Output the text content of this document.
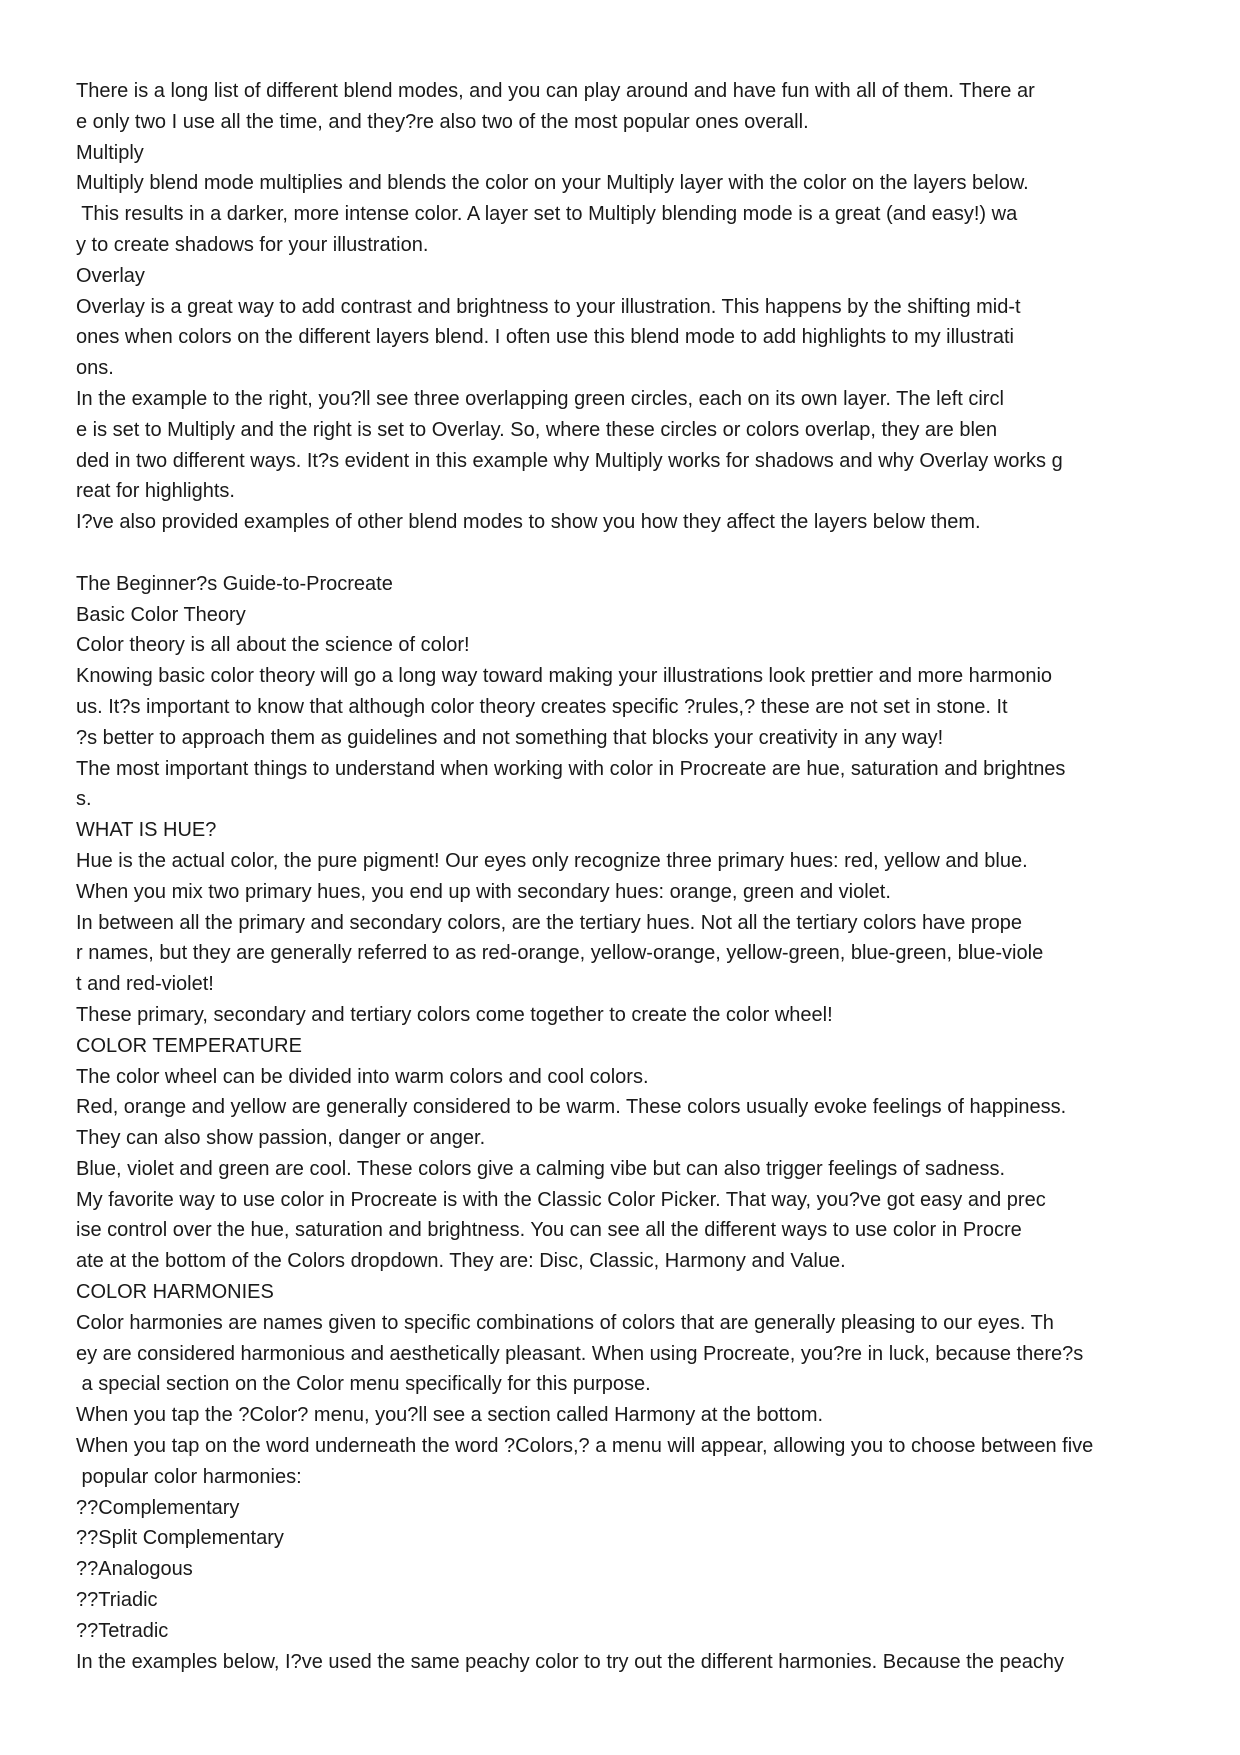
There is a long list of different blend modes, and you can play around and have fun with all of them. There ar
e only two I use all the time, and they?re also two of the most popular ones overall.
Multiply
Multiply blend mode multiplies and blends the color on your Multiply layer with the color on the layers below.
This results in a darker, more intense color. A layer set to Multiply blending mode is a great (and easy!) wa
y to create shadows for your illustration.
Overlay
Overlay is a great way to add contrast and brightness to your illustration. This happens by the shifting mid-t
ones when colors on the different layers blend. I often use this blend mode to add highlights to my illustrati
ons.
In the example to the right, you?ll see three overlapping green circles, each on its own layer. The left circl
e is set to Multiply and the right is set to Overlay. So, where these circles or colors overlap, they are blen
ded in two different ways. It?s evident in this example why Multiply works for shadows and why Overlay works g
reat for highlights.
I?ve also provided examples of other blend modes to show you how they affect the layers below them.
The Beginner?s Guide-to-Procreate
Basic Color Theory
Color theory is all about the science of color!
Knowing basic color theory will go a long way toward making your illustrations look prettier and more harmonio
us. It?s important to know that although color theory creates specific ?rules,? these are not set in stone. It
?s better to approach them as guidelines and not something that blocks your creativity in any way!
The most important things to understand when working with color in Procreate are hue, saturation and brightnes
s.
WHAT IS HUE?
Hue is the actual color, the pure pigment! Our eyes only recognize three primary hues: red, yellow and blue.
When you mix two primary hues, you end up with secondary hues: orange, green and violet.
In between all the primary and secondary colors, are the tertiary hues. Not all the tertiary colors have prope
r names, but they are generally referred to as red-orange, yellow-orange, yellow-green, blue-green, blue-viole
t and red-violet!
These primary, secondary and tertiary colors come together to create the color wheel!
COLOR TEMPERATURE
The color wheel can be divided into warm colors and cool colors.
Red, orange and yellow are generally considered to be warm. These colors usually evoke feelings of happiness.
They can also show passion, danger or anger.
Blue, violet and green are cool. These colors give a calming vibe but can also trigger feelings of sadness.
My favorite way to use color in Procreate is with the Classic Color Picker. That way, you?ve got easy and prec
ise control over the hue, saturation and brightness. You can see all the different ways to use color in Procre
ate at the bottom of the Colors dropdown. They are: Disc, Classic, Harmony and Value.
COLOR HARMONIES
Color harmonies are names given to specific combinations of colors that are generally pleasing to our eyes. Th
ey are considered harmonious and aesthetically pleasant. When using Procreate, you?re in luck, because there?s
a special section on the Color menu specifically for this purpose.
When you tap the ?Color? menu, you?ll see a section called Harmony at the bottom.
When you tap on the word underneath the word ?Colors,? a menu will appear, allowing you to choose between five
popular color harmonies:
??Complementary
??Split Complementary
??Analogous
??Triadic
??Tetradic
In the examples below, I?ve used the same peachy color to try out the different harmonies. Because the peachy
